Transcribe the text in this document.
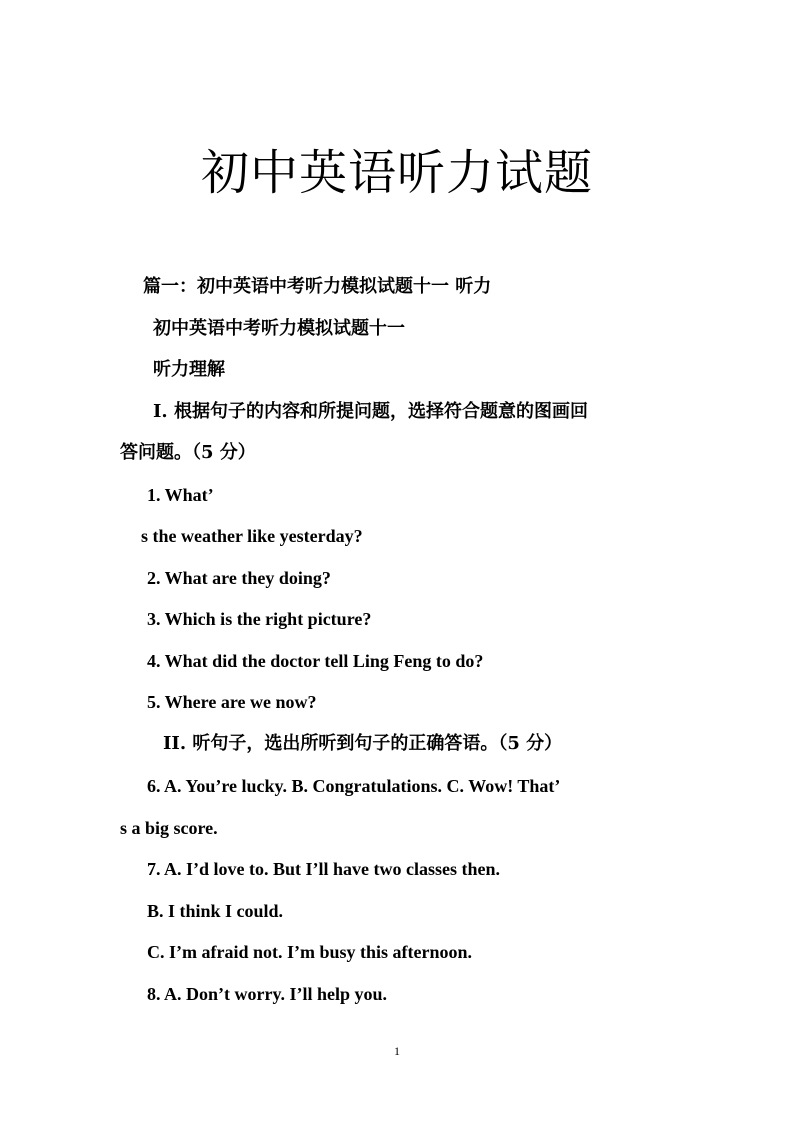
初中英语听力试题

篇一：初中英语中考听力模拟试题十一 听力

初中英语中考听力模拟试题十一

听力理解

I. 根据句子的内容和所提问题，选择符合题意的图画回

答问题。（5 分）

1. What’

s the weather like yesterday?

2. What are they doing?

3. Which is the right picture?

4. What did the doctor tell Ling Feng to do?

5. Where are we now?

II. 听句子，选出所听到句子的正确答语。（5 分）

6. A. You’re lucky. B. Congratulations. C. Wow! That’

s a big score.

7. A. I’d love to. But I’ll have two classes then.

B. I think I could.

C. I’m afraid not. I’m busy this afternoon.

8. A. Don’t worry. I’ll help you.

1
